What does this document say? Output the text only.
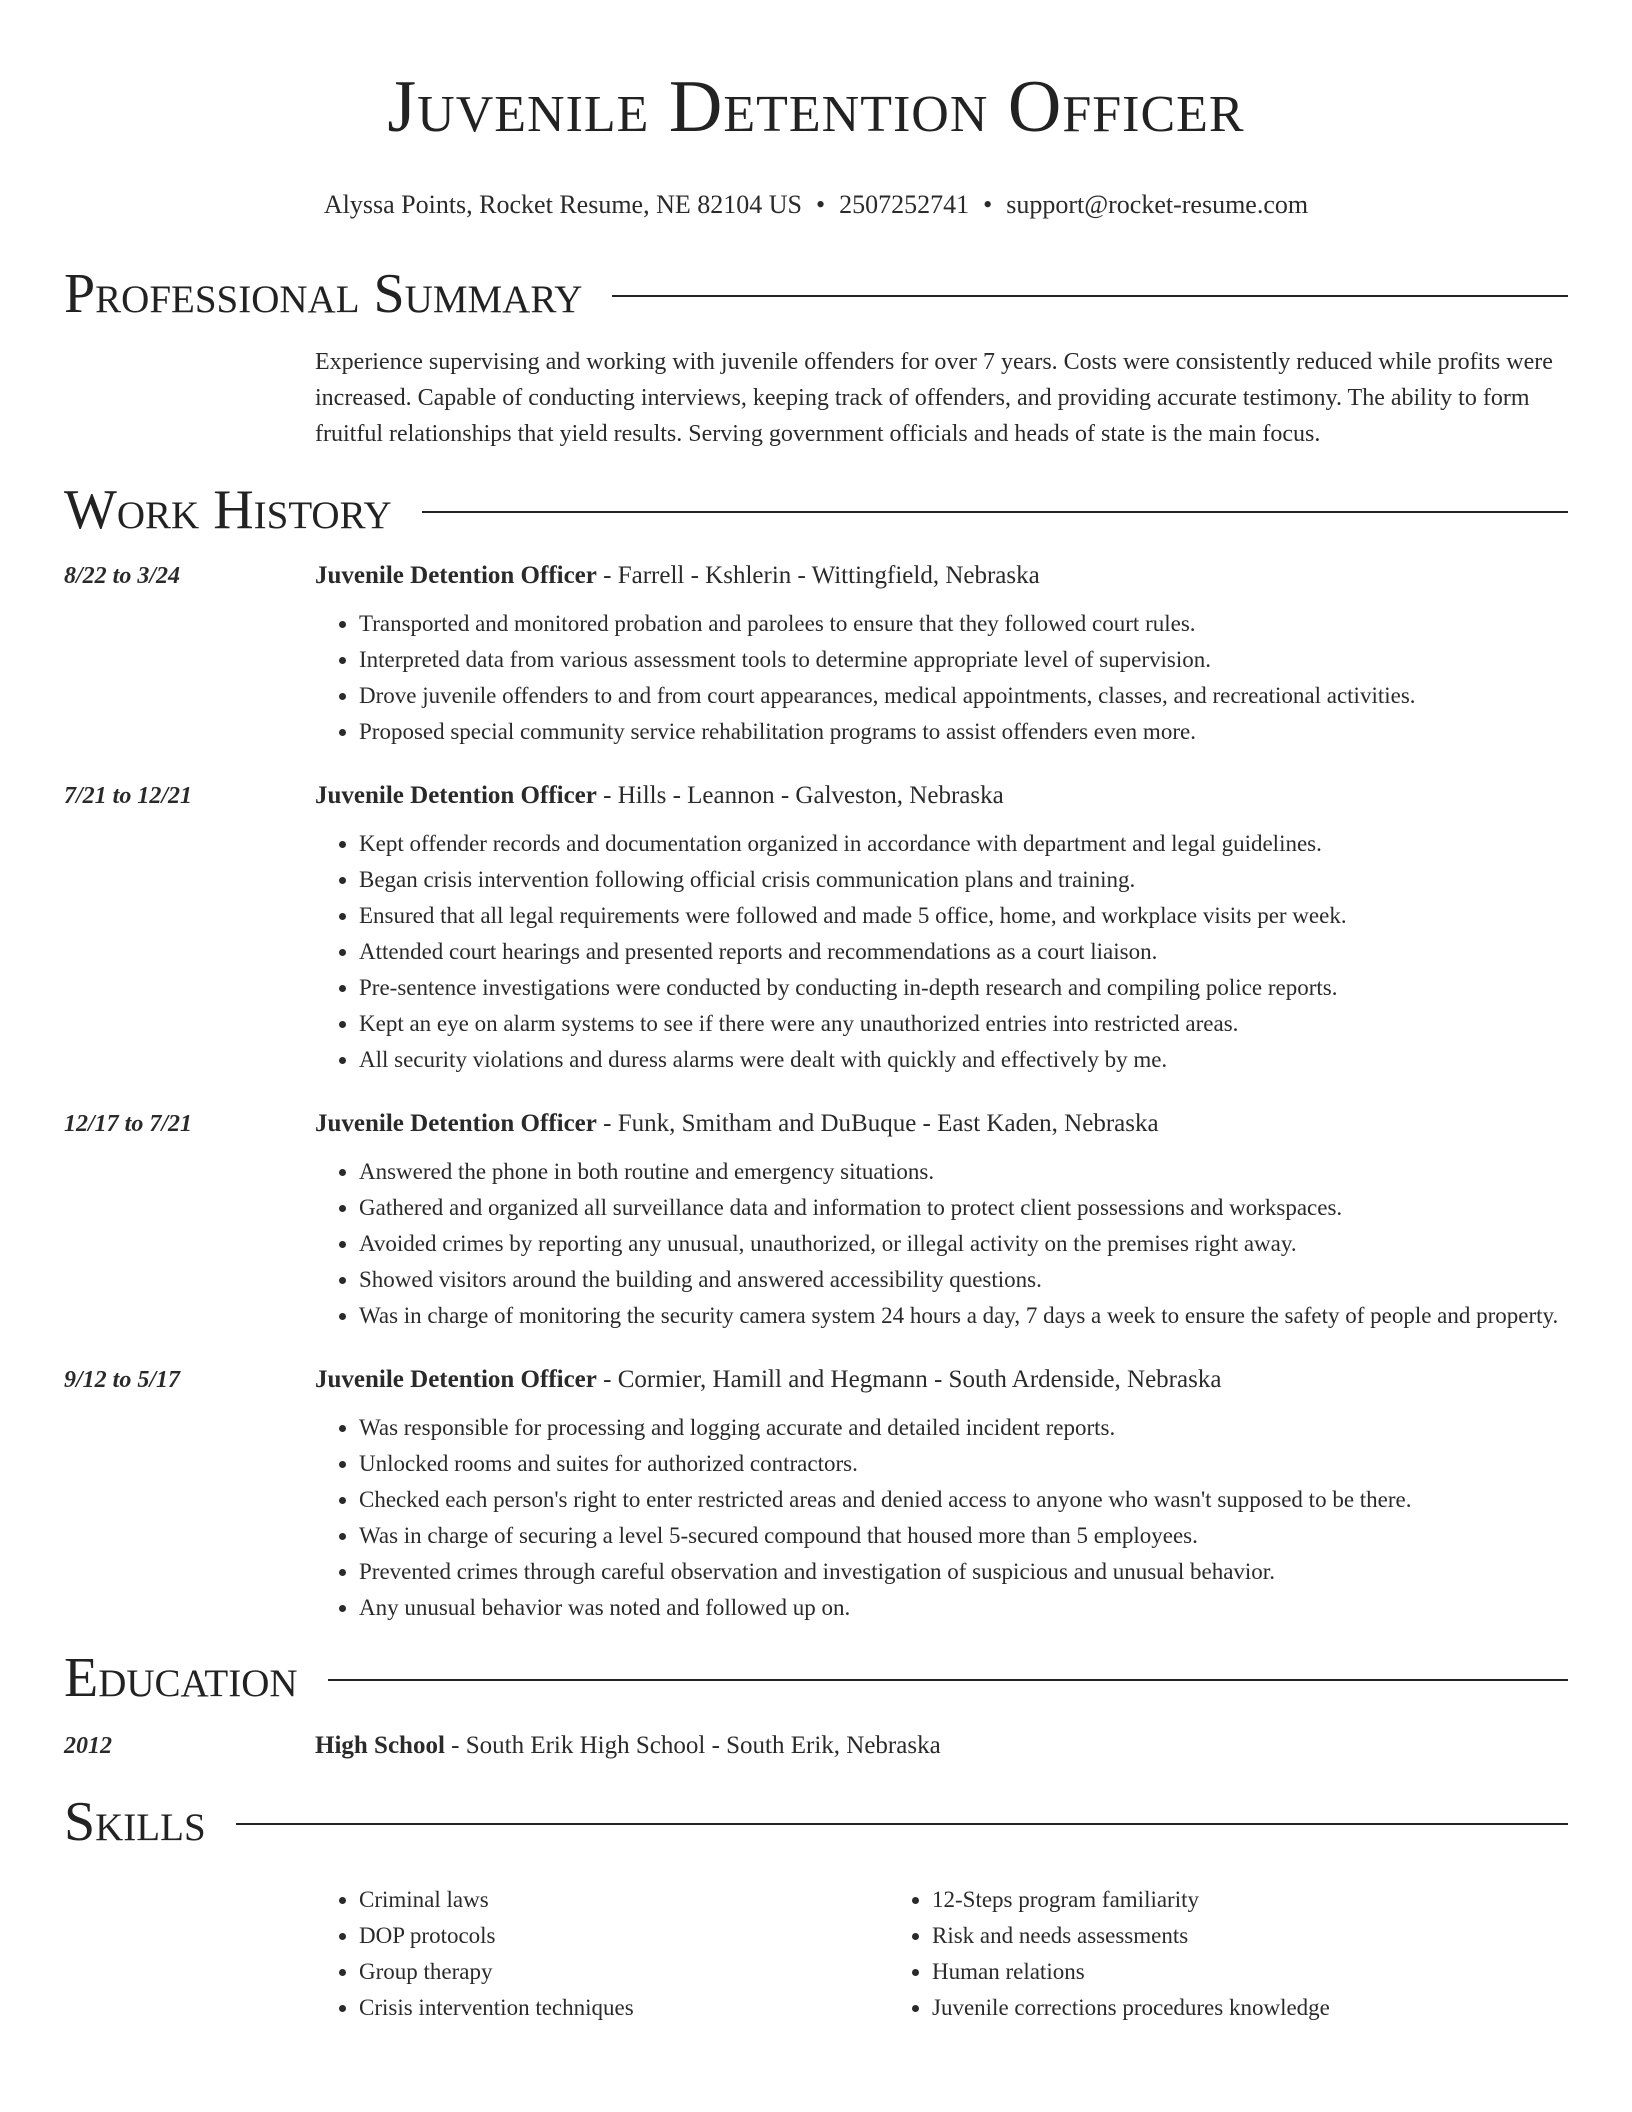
Juvenile Detention Officer
Alyssa Points, Rocket Resume, NE 82104 US • 2507252741 • support@rocket-resume.com
Professional Summary

Experience supervising and working with juvenile offenders for over 7 years. Costs were consistently reduced while profits were increased. Capable of conducting interviews, keeping track of offenders, and providing accurate testimony. The ability to form fruitful relationships that yield results. Serving government officials and heads of state is the main focus.

Work History
8/22 to 3/24	Juvenile Detention Officer - Farrell - Kshlerin - Wittingfield, Nebraska
• Transported and monitored probation and parolees to ensure that they followed court rules.
• Interpreted data from various assessment tools to determine appropriate level of supervision.
• Drove juvenile offenders to and from court appearances, medical appointments, classes, and recreational activities.
• Proposed special community service rehabilitation programs to assist offenders even more.
7/21 to 12/21	Juvenile Detention Officer - Hills - Leannon - Galveston, Nebraska
• Kept offender records and documentation organized in accordance with department and legal guidelines.
• Began crisis intervention following official crisis communication plans and training.
• Ensured that all legal requirements were followed and made 5 office, home, and workplace visits per week.
• Attended court hearings and presented reports and recommendations as a court liaison.
• Pre-sentence investigations were conducted by conducting in-depth research and compiling police reports.
• Kept an eye on alarm systems to see if there were any unauthorized entries into restricted areas.
• All security violations and duress alarms were dealt with quickly and effectively by me.
12/17 to 7/21	Juvenile Detention Officer - Funk, Smitham and DuBuque - East Kaden, Nebraska
• Answered the phone in both routine and emergency situations.
• Gathered and organized all surveillance data and information to protect client possessions and workspaces.
• Avoided crimes by reporting any unusual, unauthorized, or illegal activity on the premises right away.
• Showed visitors around the building and answered accessibility questions.
• Was in charge of monitoring the security camera system 24 hours a day, 7 days a week to ensure the safety of people and property.
9/12 to 5/17	Juvenile Detention Officer - Cormier, Hamill and Hegmann - South Ardenside, Nebraska
• Was responsible for processing and logging accurate and detailed incident reports.
• Unlocked rooms and suites for authorized contractors.
• Checked each person's right to enter restricted areas and denied access to anyone who wasn't supposed to be there.
• Was in charge of securing a level 5-secured compound that housed more than 5 employees.
• Prevented crimes through careful observation and investigation of suspicious and unusual behavior.
• Any unusual behavior was noted and followed up on.
Education
2012	High School - South Erik High School - South Erik, Nebraska
Skills
• Criminal laws
• DOP protocols
• Group therapy
• Crisis intervention techniques
• 12-Steps program familiarity
• Risk and needs assessments
• Human relations
• Juvenile corrections procedures knowledge
